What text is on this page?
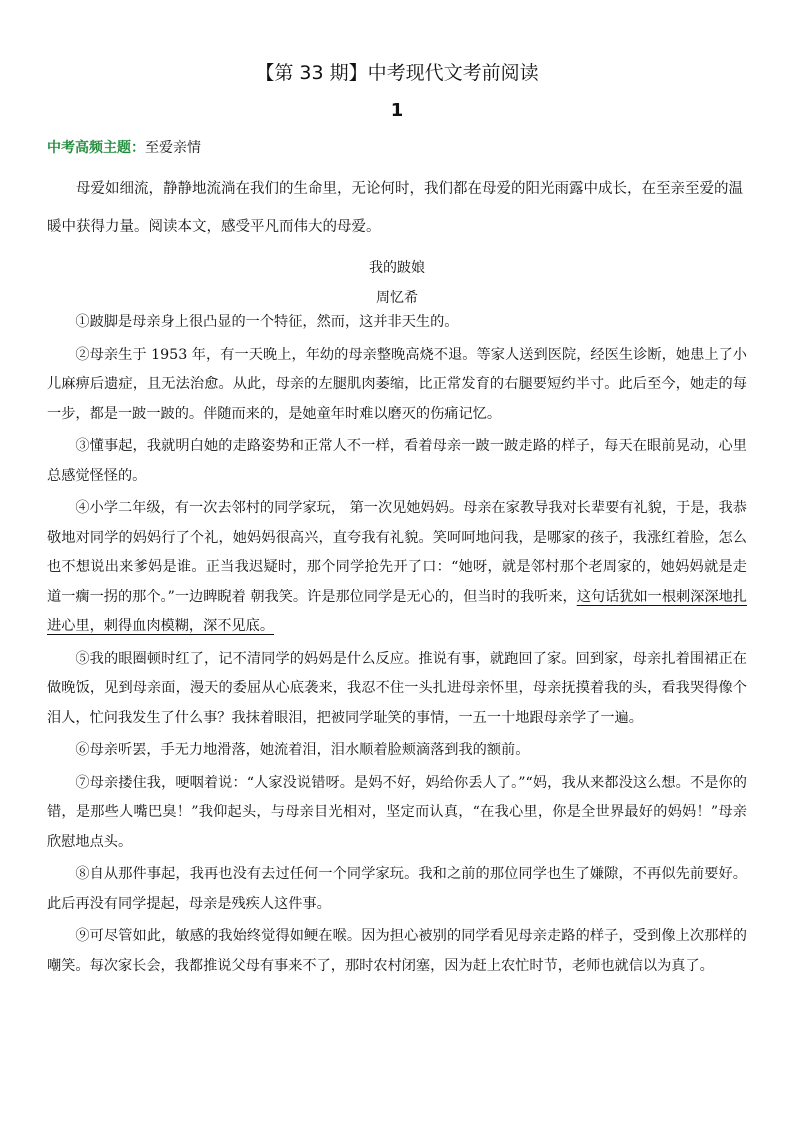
【第 33 期】中考现代文考前阅读
1
中考高频主题：至爱亲情
母爱如细流，静静地流淌在我们的生命里，无论何时，我们都在母爱的阳光雨露中成长，在至亲至爱的温暖中获得力量。阅读本文，感受平凡而伟大的母爱。
我的跛娘
周忆希

①跛脚是母亲身上很凸显的一个特征，然而，这并非天生的。

②母亲生于 1953 年，有一天晚上，年幼的母亲整晚高烧不退。等家人送到医院，经医生诊断，她患上了小儿麻痹后遗症，且无法治愈。从此，母亲的左腿肌肉萎缩，比正常发育的右腿要短约半寸。此后至今，她走的每一步，都是一跛一跛的。伴随而来的，是她童年时难以磨灭的伤痛记忆。

③懂事起，我就明白她的走路姿势和正常人不一样，看着母亲一跛一跛走路的样子，每天在眼前晃动，心里总感觉怪怪的。

④小学二年级，有一次去邻村的同学家玩， 第一次见她妈妈。母亲在家教导我对长辈要有礼貌，于是，我恭敬地对同学的妈妈行了个礼，她妈妈很高兴，直夸我有礼貌。笑呵呵地问我，是哪家的孩子，我涨红着脸，怎么也不想说出来爹妈是谁。正当我迟疑时，那个同学抢先开了口：“她呀，就是邻村那个老周家的，她妈妈就是走道一瘸一拐的那个。”一边睥睨着 朝我笑。许是那位同学是无心的，但当时的我听来，这句话犹如一根刺深深地扎进心里，刺得血肉模糊，深不见底。

⑤我的眼圈顿时红了，记不清同学的妈妈是什么反应。推说有事，就跑回了家。回到家，母亲扎着围裙正在做晚饭，见到母亲面，漫天的委屈从心底袭来，我忍不住一头扎进母亲怀里，母亲抚摸着我的头，看我哭得像个泪人，忙问我发生了什么事？我抹着眼泪，把被同学耻笑的事情，一五一十地跟母亲学了一遍。

⑥母亲听罢，手无力地滑落，她流着泪，泪水顺着脸颊滴落到我的额前。

⑦母亲搂住我，哽咽着说：“人家没说错呀。是妈不好，妈给你丢人了。”“妈，我从来都没这么想。不是你的错，是那些人嘴巴臭！”我仰起头，与母亲目光相对，坚定而认真，“在我心里，你是全世界最好的妈妈！”母亲欣慰地点头。

⑧自从那件事起，我再也没有去过任何一个同学家玩。我和之前的那位同学也生了嫌隙，不再似先前要好。此后再没有同学提起，母亲是残疾人这件事。

⑨可尽管如此，敏感的我始终觉得如鲠在喉。因为担心被别的同学看见母亲走路的样子，受到像上次那样的嘲笑。每次家长会，我都推说父母有事来不了，那时农村闭塞，因为赶上农忙时节，老师也就信以为真了。
